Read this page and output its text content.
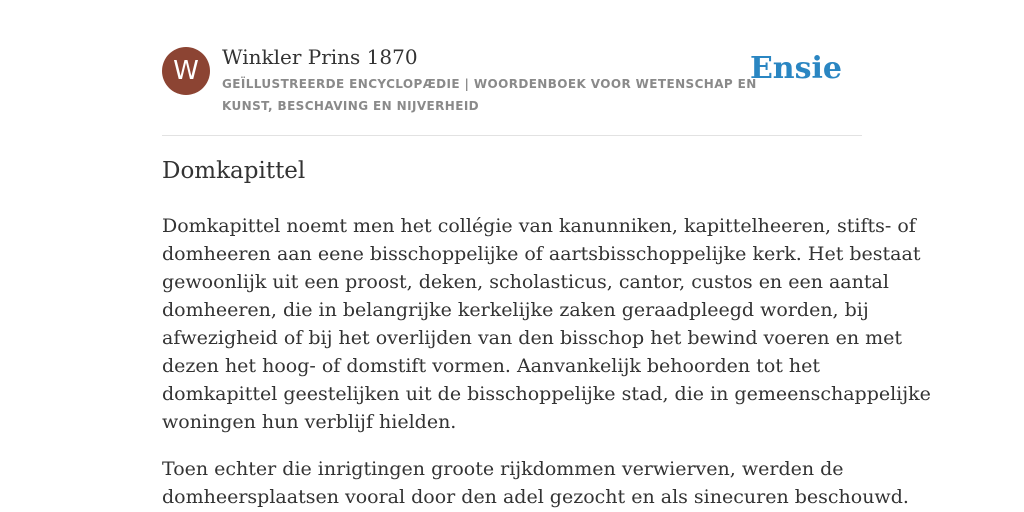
W	Winkler Prins 1870
GEÏLLUSTREERDE ENCYCLOPÆDIE | WOORDENBOEK VOOR WETENSCHAP EN
KUNST, BESCHAVING EN NIJVERHEID
Ensie
Domkapittel

Domkapittel noemt men het collégie van kanunniken, kapittelheeren, stifts- of
domheeren aan eene bisschoppelijke of aartsbisschoppelijke kerk. Het bestaat
gewoonlijk uit een proost, deken, scholasticus, cantor, custos en een aantal
domheeren, die in belangrijke kerkelijke zaken geraadpleegd worden, bij
afwezigheid of bij het overlijden van den bisschop het bewind voeren en met
dezen het hoog- of domstift vormen. Aanvankelijk behoorden tot het
domkapittel geestelijken uit de bisschoppelijke stad, die in gemeenschappelijke
woningen hun verblijf hielden.

Toen echter die inrigtingen groote rijkdommen verwierven, werden de
domheersplaatsen vooral door den adel gezocht en als sinecuren beschouwd.
